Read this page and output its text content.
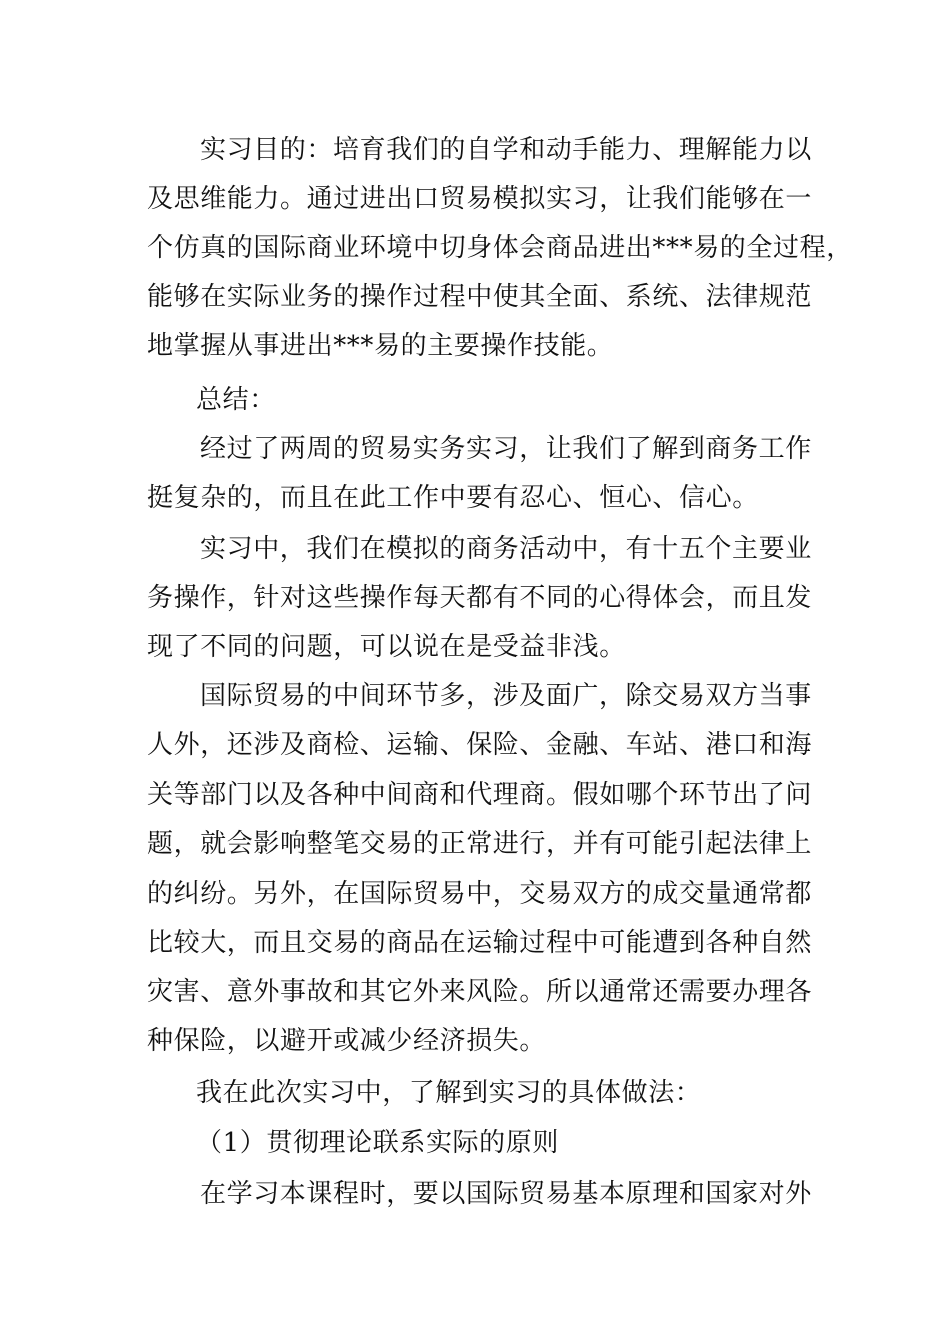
实习目的：培育我们的自学和动手能力、理解能力以
及思维能力。通过进出口贸易模拟实习，让我们能够在一
个仿真的国际商业环境中切身体会商品进出***易的全过程，
能够在实际业务的操作过程中使其全面、系统、法律规范
地掌握从事进出***易的主要操作技能。
总结：
经过了两周的贸易实务实习，让我们了解到商务工作
挺复杂的，而且在此工作中要有忍心、恒心、信心。
实习中，我们在模拟的商务活动中，有十五个主要业
务操作，针对这些操作每天都有不同的心得体会，而且发
现了不同的问题，可以说在是受益非浅。
国际贸易的中间环节多，涉及面广，除交易双方当事
人外，还涉及商检、运输、保险、金融、车站、港口和海
关等部门以及各种中间商和代理商。假如哪个环节出了问
题，就会影响整笔交易的正常进行，并有可能引起法律上
的纠纷。另外，在国际贸易中，交易双方的成交量通常都
比较大，而且交易的商品在运输过程中可能遭到各种自然
灾害、意外事故和其它外来风险。所以通常还需要办理各
种保险，以避开或减少经济损失。
我在此次实习中，了解到实习的具体做法：
（1）贯彻理论联系实际的原则
在学习本课程时，要以国际贸易基本原理和国家对外
